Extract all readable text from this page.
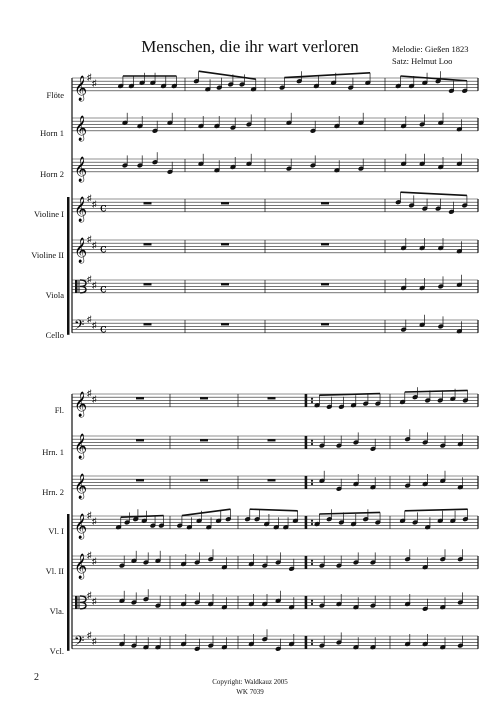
Menschen, die ihr wart verloren	Melodie: Gießen 1823
Satz: Helmut Loo
Flöte
Horn 1
Horn 2
Violine I
Violine II
Viola
Cello
Fl.
Hrn. 1
Hrn. 2
Vl. I
Vl. II
Vla.
Vcl.
𝄞 ♯
♯
𝄞
𝄞
𝄞 ♯
♯ c
𝄞 ♯
♯ c
♯
♯ c
𝄢 ♯
♯ c
𝄞 ♯
♯
𝄞
𝄞
𝄞 ♯
♯
𝄞 ♯
♯
♯
♯
𝄢 ♯
♯
2	Copyright: Waldkauz 2005
WK 7039
